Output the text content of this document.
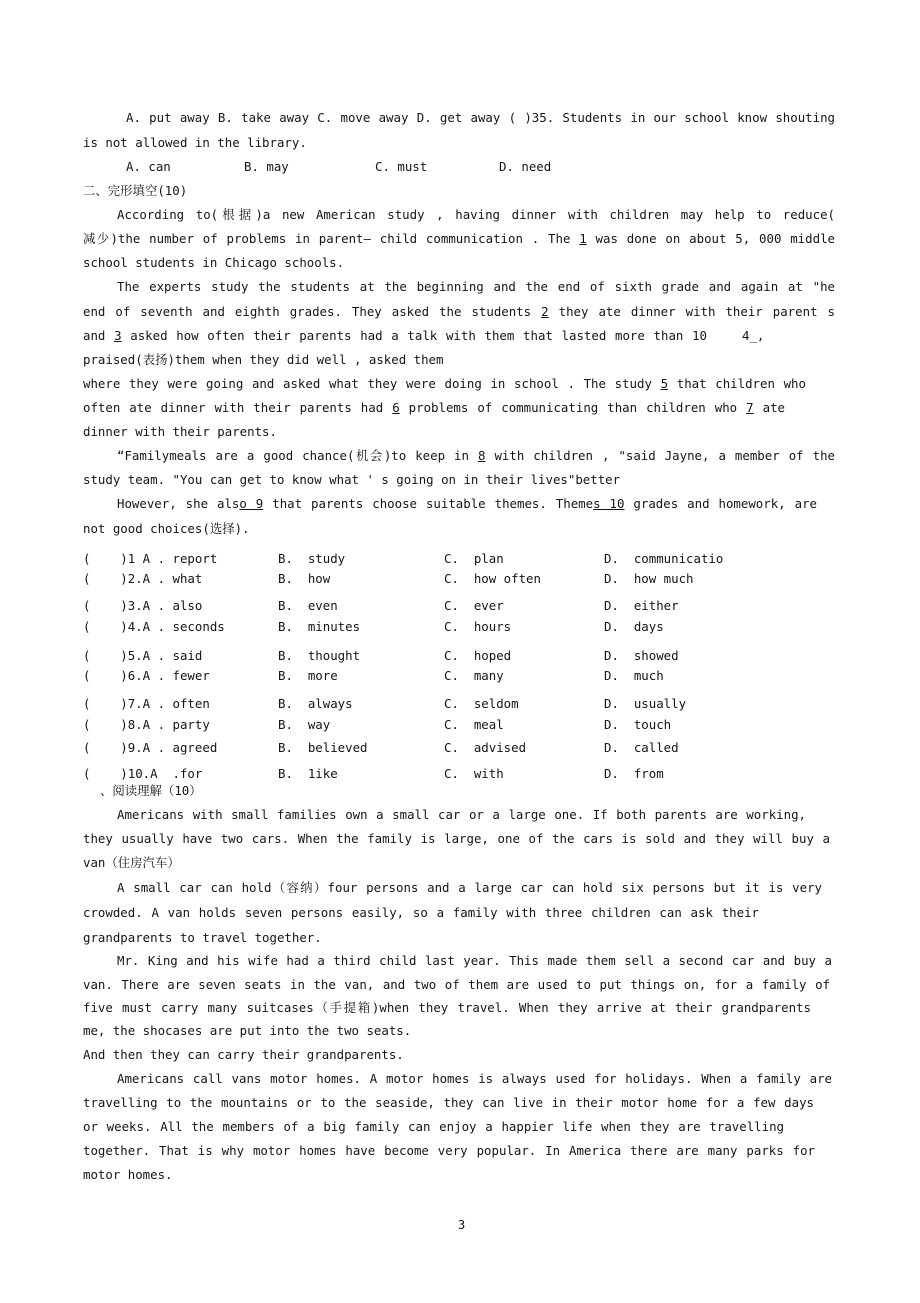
A. put away B. take away C. move away D. get away ( )35. Students in our school know shouting
is not allowed in the library.
A. can	B. may	C. must	D. need
二、完形填空(10)
According to(根据)a new American study , having dinner with children may help to reduce(
减少)the number of problems in parent— child communication . The 1 was done on about 5, 000 middle
school students in Chicago schools.
The experts study the students at the beginning and the end of sixth grade and again at "he
end of seventh and eighth grades. They asked the students 2 they ate dinner with their parent s
and 3 asked how often their parents had a talk with them that lasted more than 10	4_,
praised(表扬)them when they did well , asked them
where they were going and asked what they were doing in school . The study 5 that children who
often ate dinner with their parents had 6 problems of communicating than children who 7 ate
dinner with their parents.
“Familymeals are a good chance(机会)to keep in 8 with children , "said Jayne, a member of the
study team. "You can get to know what ' s going on in their lives"better
However, she also 9 that parents choose suitable themes. Themes 10 grades and homework, are
not good choices(选择).
(    )1 A . report	B.  study	C.  plan	D.  communicatio
(    )2.A . what	B.  how	C.  how often	D.  how much
(    )3.A . also	B.  even	C.  ever	D.  either
(    )4.A . seconds	B.  minutes	C.  hours	D.  days
(    )5.A . said	B.  thought	C.  hoped	D.  showed
(    )6.A . fewer	B.  more	C.  many	D.  much
(    )7.A . often	B.  always	C.  seldom	D.  usually
(    )8.A . party	B.  way	C.  meal	D.  touch
(    )9.A . agreed	B.  believed	C.  advised	D.  called
(    )10.A  .for	B.  1ike	C.  with	D.  from
、阅读理解（10）
Americans with small families own a small car or a large one. If both parents are working,
they usually have two cars. When the family is large, one of the cars is sold and they will buy a
van（住房汽车）
A small car can hold（容纳）four persons and a large car can hold six persons but it is very
crowded. A van holds seven persons easily, so a family with three children can ask their
grandparents to travel together.
Mr. King and his wife had a third child last year. This made them sell a second car and buy a
van. There are seven seats in the van, and two of them are used to put things on, for a family of
five must carry many suitcases（手提箱)when they travel. When they arrive at their grandparents
me, the shocases are put into the two seats.
And then they can carry their grandparents.
Americans call vans motor homes. A motor homes is always used for holidays. When a family are
travelling to the mountains or to the seaside, they can live in their motor home for a few days
or weeks. All the members of a big family can enjoy a happier life when they are travelling
together. That is why motor homes have become very popular. In America there are many parks for
motor homes.
3
